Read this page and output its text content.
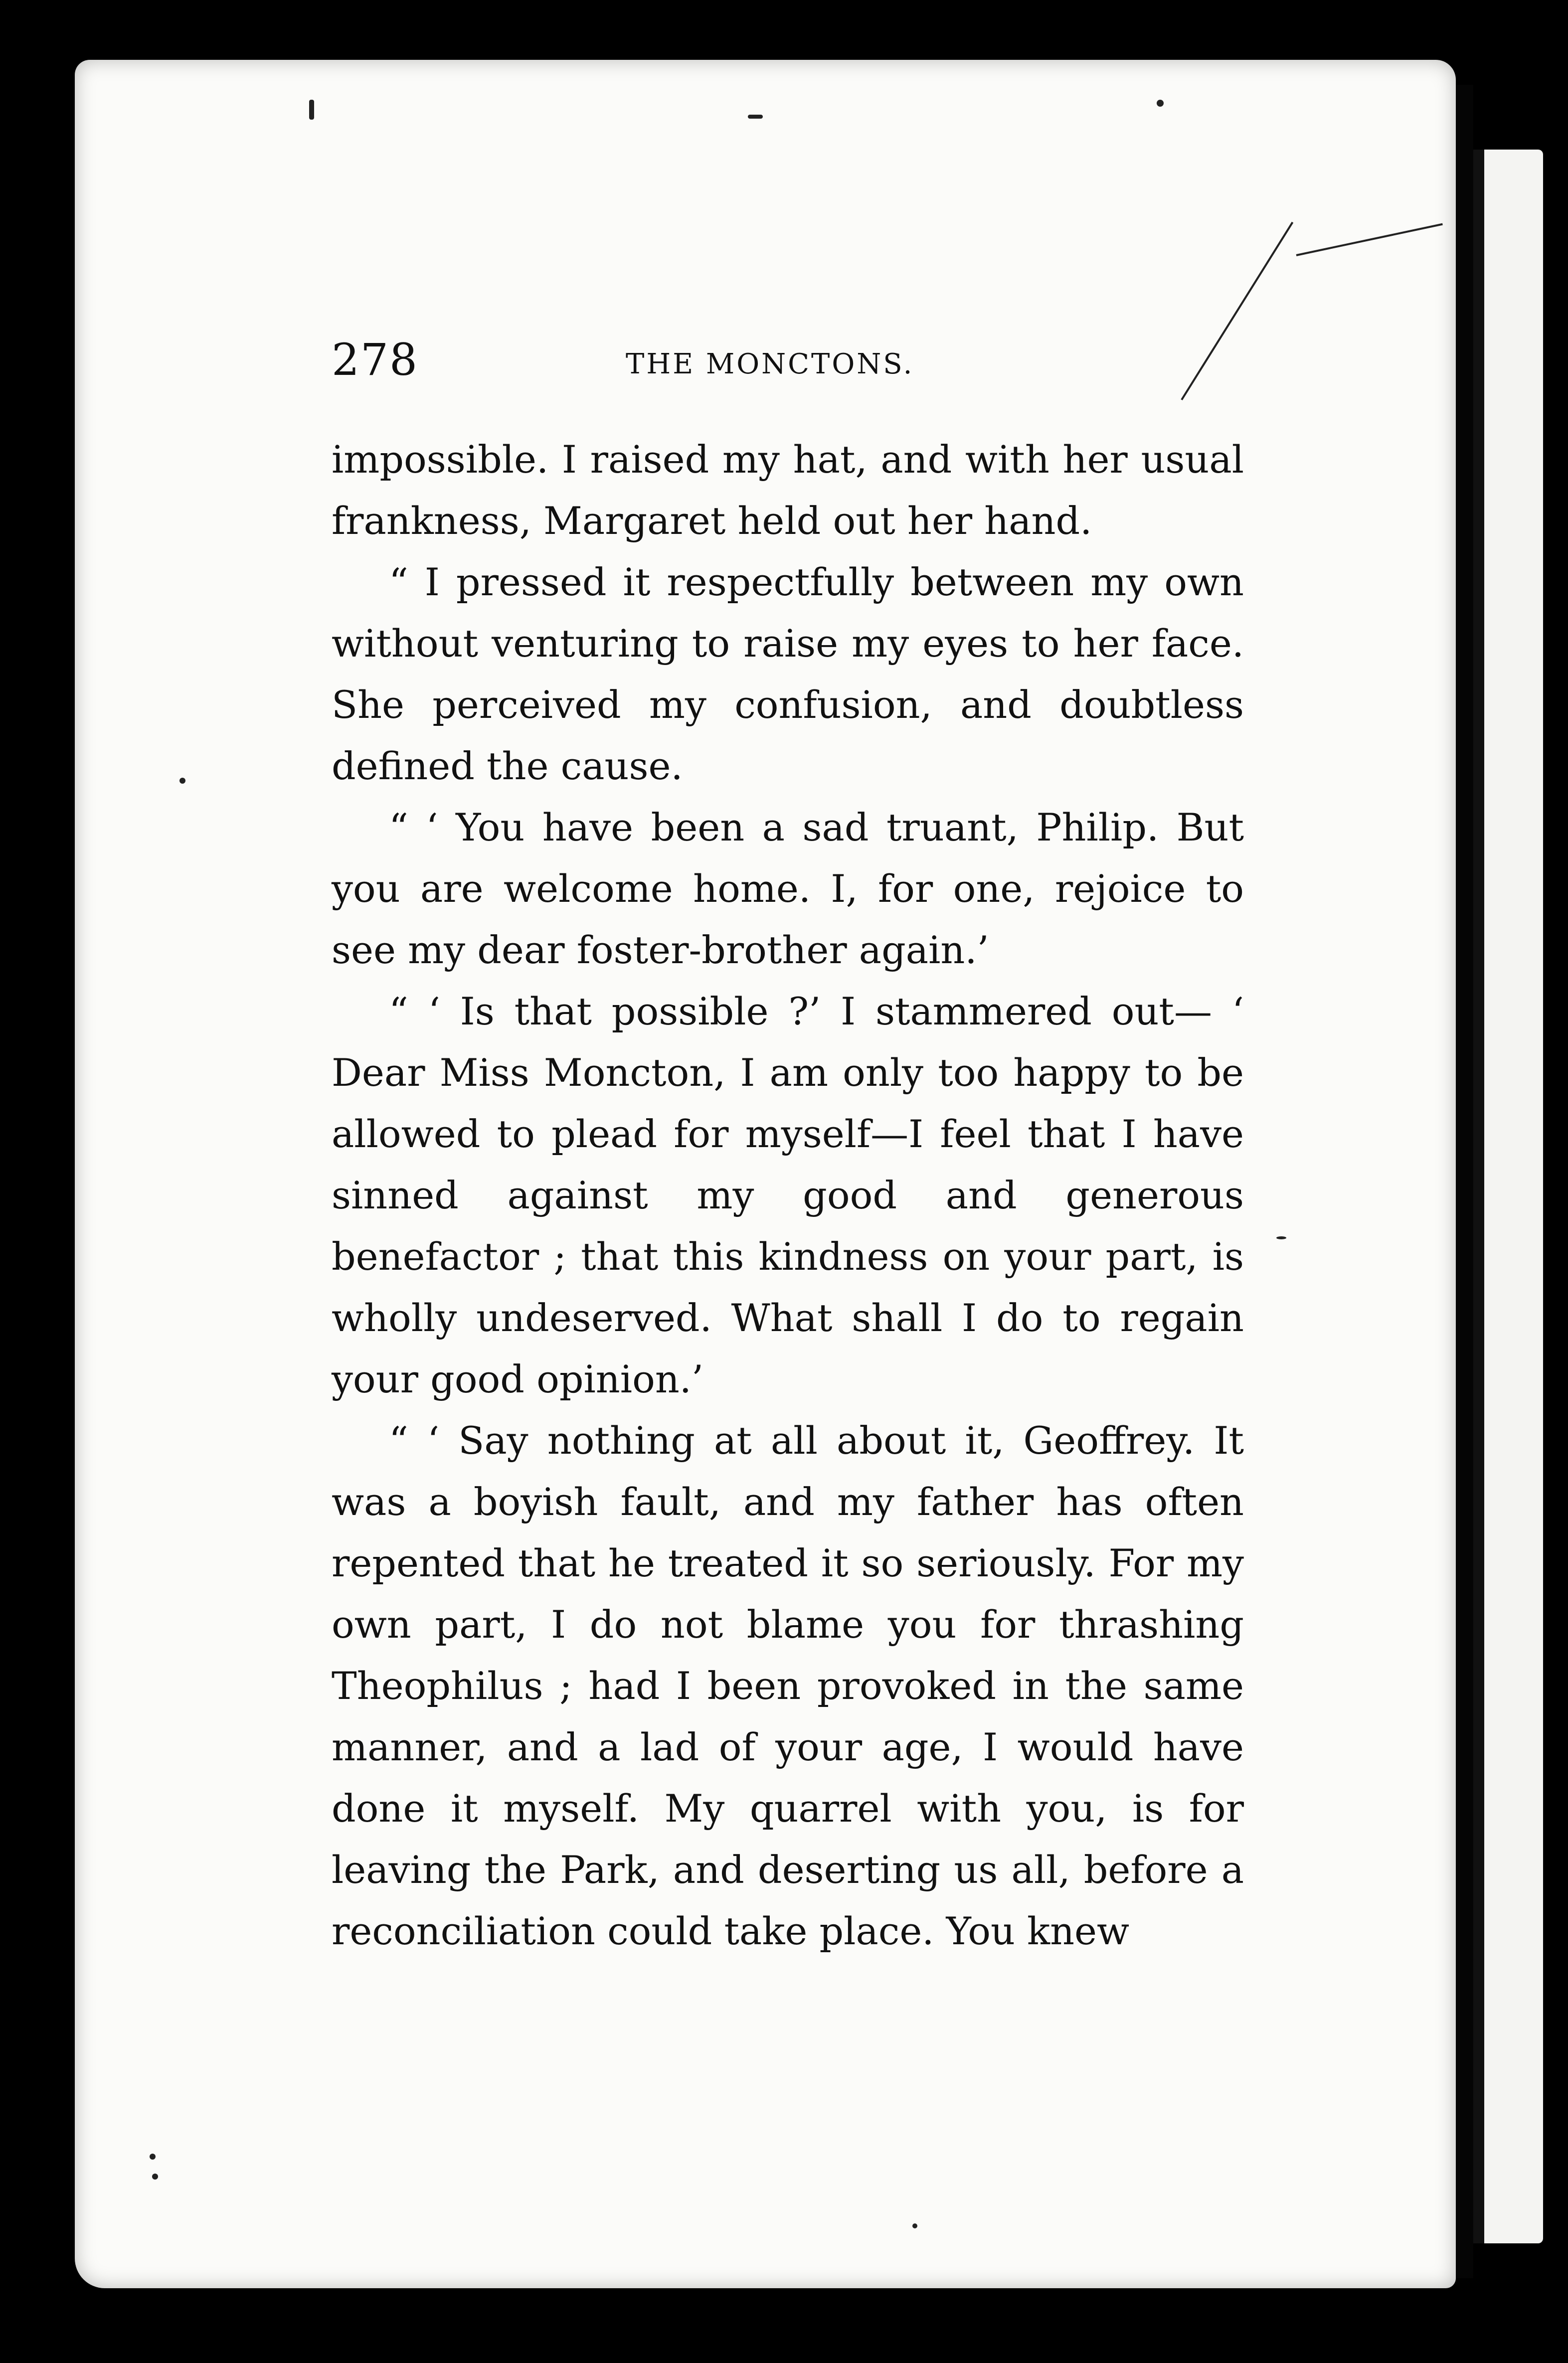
278	THE MONCTONS.

impossible. I raised my hat, and with her usual frankness, Margaret held out her hand.

“ I pressed it respectfully between my own without venturing to raise my eyes to her face. She perceived my confusion, and doubtless defined the cause.

“ ‘ You have been a sad truant, Philip. But you are welcome home. I, for one, rejoice to see my dear foster-brother again.’

“ ‘ Is that possible ?’ I stammered out— ‘ Dear Miss Moncton, I am only too happy to be allowed to plead for myself—I feel that I have sinned against my good and generous benefactor ; that this kindness on your part, is wholly undeserved. What shall I do to regain your good opinion.’

“ ‘ Say nothing at all about it, Geoffrey. It was a boyish fault, and my father has often repented that he treated it so seriously. For my own part, I do not blame you for thrashing Theophilus ; had I been provoked in the same manner, and a lad of your age, I would have done it myself. My quarrel with you, is for leaving the Park, and deserting us all, before a reconciliation could take place. You knew
